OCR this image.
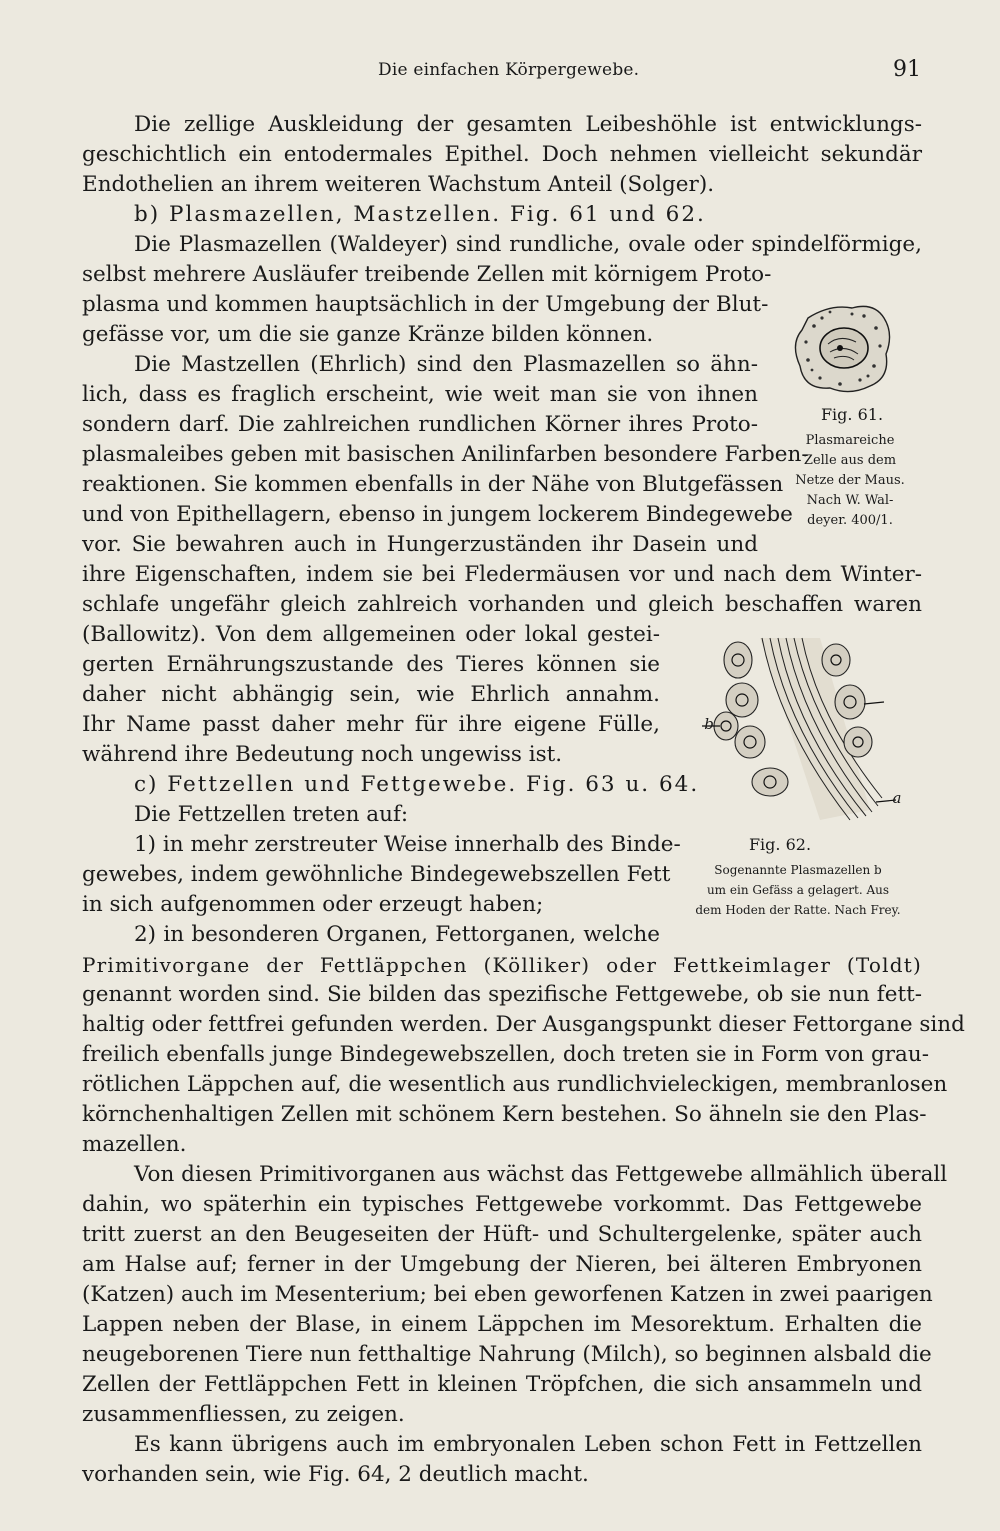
Die einfachen Körpergewebe.	91
Die zellige Auskleidung der gesamten Leibeshöhle ist entwicklungs-
geschichtlich ein entodermales Epithel. Doch nehmen vielleicht sekundär
Endothelien an ihrem weiteren Wachstum Anteil (Solger).
b) Plasmazellen, Mastzellen. Fig. 61 und 62.
Die Plasmazellen (Waldeyer) sind rundliche, ovale oder spindelförmige,
selbst mehrere Ausläufer treibende Zellen mit körnigem Proto-
plasma und kommen hauptsächlich in der Umgebung der Blut-
gefässe vor, um die sie ganze Kränze bilden können.
Die Mastzellen (Ehrlich) sind den Plasmazellen so ähn-
lich, dass es fraglich erscheint, wie weit man sie von ihnen
sondern darf. Die zahlreichen rundlichen Körner ihres Proto-
plasmaleibes geben mit basischen Anilinfarben besondere Farben-
reaktionen. Sie kommen ebenfalls in der Nähe von Blutgefässen
und von Epithellagern, ebenso in jungem lockerem Bindegewebe
vor. Sie bewahren auch in Hungerzuständen ihr Dasein und
ihre Eigenschaften, indem sie bei Fledermäusen vor und nach dem Winter-
schlafe ungefähr gleich zahlreich vorhanden und gleich beschaffen waren
(Ballowitz). Von dem allgemeinen oder lokal gestei-
gerten Ernährungszustande des Tieres können sie
daher nicht abhängig sein, wie Ehrlich annahm.
Ihr Name passt daher mehr für ihre eigene Fülle,
während ihre Bedeutung noch ungewiss ist.
c) Fettzellen und Fettgewebe. Fig. 63 u. 64.
Die Fettzellen treten auf:
1) in mehr zerstreuter Weise innerhalb des Binde-
gewebes, indem gewöhnliche Bindegewebszellen Fett
in sich aufgenommen oder erzeugt haben;
2) in besonderen Organen, Fettorganen, welche
Primitivorgane der Fettläppchen (Kölliker) oder Fettkeimlager (Toldt)
genannt worden sind. Sie bilden das spezifische Fettgewebe, ob sie nun fett-
haltig oder fettfrei gefunden werden. Der Ausgangspunkt dieser Fettorgane sind
freilich ebenfalls junge Bindegewebszellen, doch treten sie in Form von grau-
rötlichen Läppchen auf, die wesentlich aus rundlichvieleckigen, membranlosen
körnchenhaltigen Zellen mit schönem Kern bestehen. So ähneln sie den Plas-
mazellen.
Von diesen Primitivorganen aus wächst das Fettgewebe allmählich überall
dahin, wo späterhin ein typisches Fettgewebe vorkommt. Das Fettgewebe
tritt zuerst an den Beugeseiten der Hüft- und Schultergelenke, später auch
am Halse auf; ferner in der Umgebung der Nieren, bei älteren Embryonen
(Katzen) auch im Mesenterium; bei eben geworfenen Katzen in zwei paarigen
Lappen neben der Blase, in einem Läppchen im Mesorektum. Erhalten die
neugeborenen Tiere nun fetthaltige Nahrung (Milch), so beginnen alsbald die
Zellen der Fettläppchen Fett in kleinen Tröpfchen, die sich ansammeln und
zusammenfliessen, zu zeigen.
Es kann übrigens auch im embryonalen Leben schon Fett in Fettzellen
vorhanden sein, wie Fig. 64, 2 deutlich macht.
Fig. 61.
Plasmareiche
Zelle aus dem
Netze der Maus.
Nach W. Wal-
deyer. 400/1.
b
a
Fig. 62.
Sogenannte Plasmazellen b
um ein Gefäss a gelagert. Aus
dem Hoden der Ratte. Nach Frey.
